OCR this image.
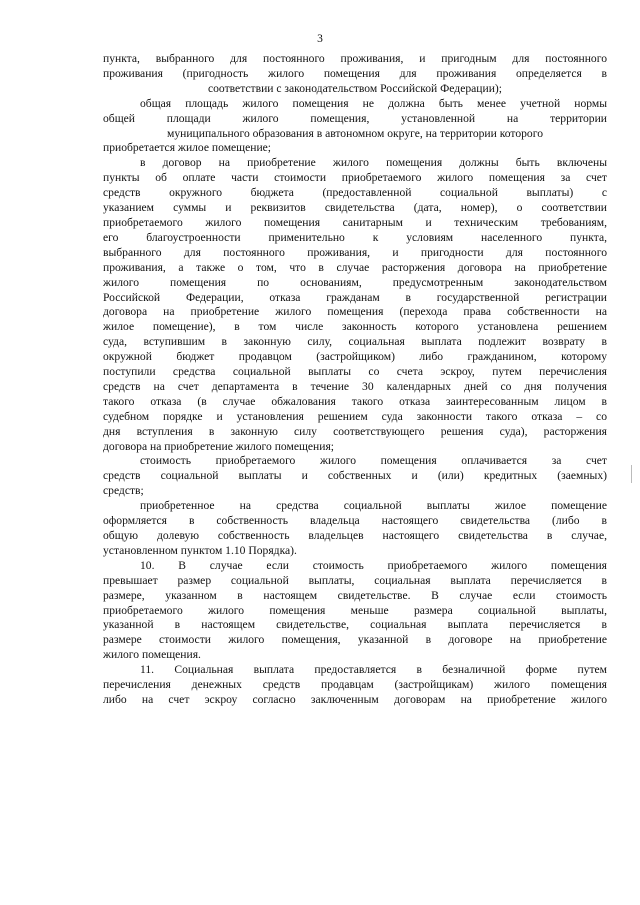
3
пункта, выбранного для постоянного проживания, и пригодным для постоянного
проживания (пригодность жилого помещения для проживания определяется в
соответствии с законодательством Российской Федерации);
общая площадь жилого помещения не должна быть менее учетной нормы
общей площади жилого помещения, установленной на территории
муниципального образования в автономном округе, на территории которого
приобретается жилое помещение;
в договор на приобретение жилого помещения должны быть включены
пункты об оплате части стоимости приобретаемого жилого помещения за счет
средств окружного бюджета (предоставленной социальной выплаты) с
указанием суммы и реквизитов свидетельства (дата, номер), о соответствии
приобретаемого жилого помещения санитарным и техническим требованиям,
его благоустроенности применительно к условиям населенного пункта,
выбранного для постоянного проживания, и пригодности для постоянного
проживания, а также о том, что в случае расторжения договора на приобретение
жилого помещения по основаниям, предусмотренным законодательством
Российской Федерации, отказа гражданам в государственной регистрации
договора на приобретение жилого помещения (перехода права собственности на
жилое помещение), в том числе законность которого установлена решением
суда, вступившим в законную силу, социальная выплата подлежит возврату в
окружной бюджет продавцом (застройщиком) либо гражданином, которому
поступили средства социальной выплаты со счета эскроу, путем перечисления
средств на счет департамента в течение 30 календарных дней со дня получения
такого отказа (в случае обжалования такого отказа заинтересованным лицом в
судебном порядке и установления решением суда законности такого отказа – со
дня вступления в законную силу соответствующего решения суда), расторжения
договора на приобретение жилого помещения;
стоимость приобретаемого жилого помещения оплачивается за счет
средств социальной выплаты и собственных и (или) кредитных (заемных)
средств;
приобретенное на средства социальной выплаты жилое помещение
оформляется в собственность владельца настоящего свидетельства (либо в
общую долевую собственность владельцев настоящего свидетельства в случае,
установленном пунктом 1.10 Порядка).
10. В случае если стоимость приобретаемого жилого помещения
превышает размер социальной выплаты, социальная выплата перечисляется в
размере, указанном в настоящем свидетельстве. В случае если стоимость
приобретаемого жилого помещения меньше размера социальной выплаты,
указанной в настоящем свидетельстве, социальная выплата перечисляется в
размере стоимости жилого помещения, указанной в договоре на приобретение
жилого помещения.
11. Социальная выплата предоставляется в безналичной форме путем
перечисления денежных средств продавцам (застройщикам) жилого помещения
либо на счет эскроу согласно заключенным договорам на приобретение жилого
